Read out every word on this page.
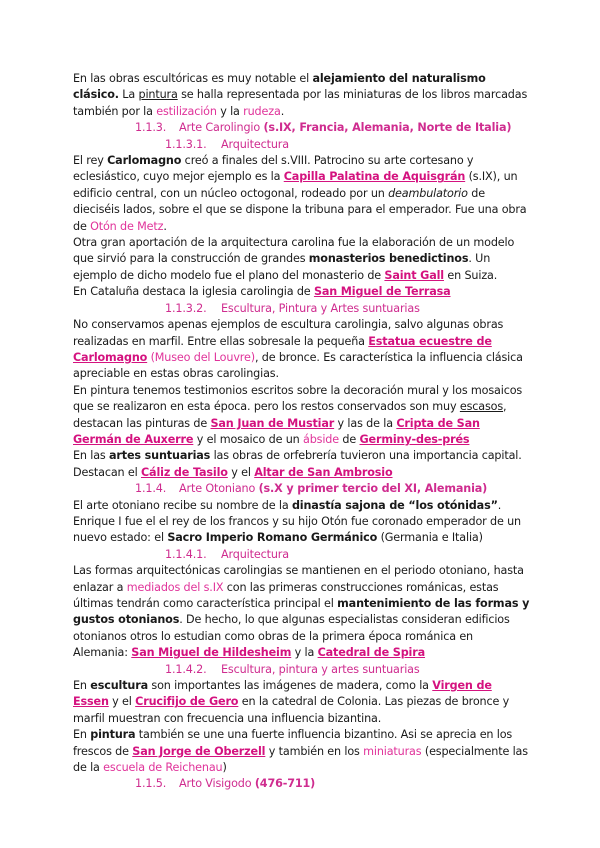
En las obras escultóricas es muy notable el alejamiento del naturalismo clásico. La pintura se halla representada por las miniaturas de los libros marcadas también por la estilización y la rudeza.

1.1.3. Arte Carolingio (s.IX, Francia, Alemania, Norte de Italia)

1.1.3.1. Arquitectura

El rey Carlomagno creó a finales del s.VIII. Patrocino su arte cortesano y eclesiástico, cuyo mejor ejemplo es la Capilla Palatina de Aquisgrán (s.IX), un edificio central, con un núcleo octogonal, rodeado por un deambulatorio de dieciséis lados, sobre el que se dispone la tribuna para el emperador. Fue una obra de Otón de Metz.

Otra gran aportación de la arquitectura carolina fue la elaboración de un modelo que sirvió para la construcción de grandes monasterios benedictinos. Un ejemplo de dicho modelo fue el plano del monasterio de Saint Gall en Suiza.

En Cataluña destaca la iglesia carolingia de San Miguel de Terrasa

1.1.3.2. Escultura, Pintura y Artes suntuarias

No conservamos apenas ejemplos de escultura carolingia, salvo algunas obras realizadas en marfil. Entre ellas sobresale la pequeña Estatua ecuestre de Carlomagno (Museo del Louvre), de bronce. Es característica la influencia clásica apreciable en estas obras carolingias.

En pintura tenemos testimonios escritos sobre la decoración mural y los mosaicos que se realizaron en esta época. pero los restos conservados son muy escasos, destacan las pinturas de San Juan de Mustiar y las de la Cripta de San Germán de Auxerre y el mosaico de un ábside de Germiny-des-prés

En las artes suntuarias las obras de orfebrería tuvieron una importancia capital.

Destacan el Cáliz de Tasilo y el Altar de San Ambrosio

1.1.4. Arte Otoniano (s.X y primer tercio del XI, Alemania)

El arte otoniano recibe su nombre de la dinastía sajona de “los otónidas”. Enrique I fue el el rey de los francos y su hijo Otón fue coronado emperador de un nuevo estado: el Sacro Imperio Romano Germánico (Germania e Italia)

1.1.4.1. Arquitectura

Las formas arquitectónicas carolingias se mantienen en el periodo otoniano, hasta enlazar a mediados del s.IX con las primeras construcciones románicas, estas últimas tendrán como característica principal el mantenimiento de las formas y gustos otonianos. De hecho, lo que algunas especialistas consideran edificios otonianos otros lo estudian como obras de la primera época románica en Alemania: San Miguel de Hildesheim y la Catedral de Spira

1.1.4.2. Escultura, pintura y artes suntuarias

En escultura son importantes las imágenes de madera, como la Virgen de Essen y el Crucifijo de Gero en la catedral de Colonia. Las piezas de bronce y marfil muestran con frecuencia una influencia bizantina.

En pintura también se une una fuerte influencia bizantino. Asi se aprecia en los frescos de San Jorge de Oberzell y también en los miniaturas (especialmente las de la escuela de Reichenau)

1.1.5. Arto Visigodo (476-711)
